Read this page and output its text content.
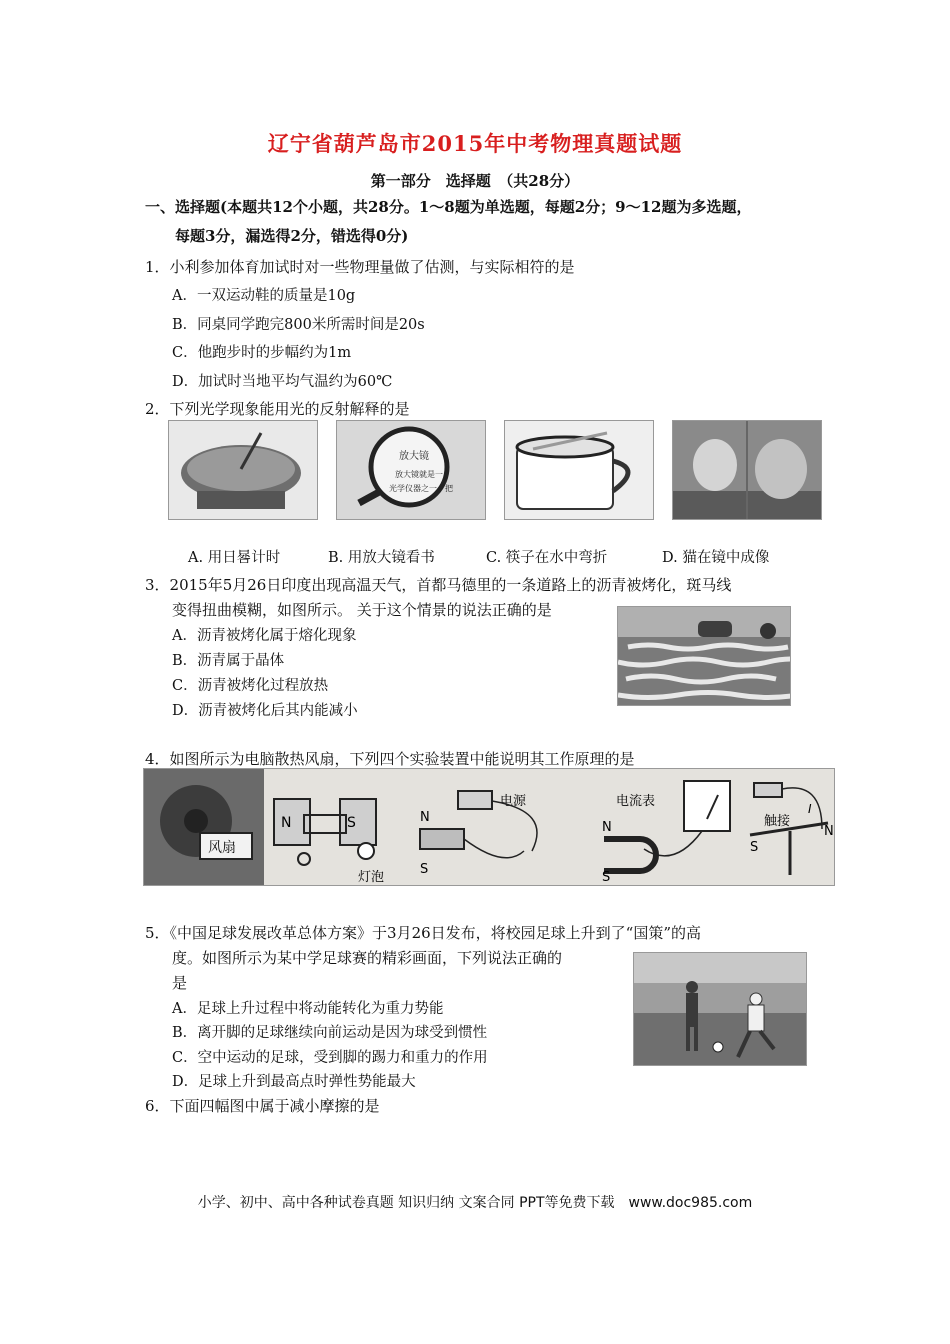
辽宁省葫芦岛市2015年中考物理真题试题
第一部分　选择题　（共28分）
一、选择题(本题共12个小题，共28分。1～8题为单选题，每题2分；9～12题为多选题，
每题3分，漏选得2分，错选得0分)
1．小利参加体育加试时对一些物理量做了估测，与实际相符的是
A．一双运动鞋的质量是10g
B．同桌同学跑完800米所需时间是20s
C．他跑步时的步幅约为1m
D．加试时当地平均气温约为60℃
2．下列光学现象能用光的反射解释的是
放大镜
放大镜就是一
光学仪器之一。把
A. 用日晷计时	B. 用放大镜看书	C. 筷子在水中弯折	D. 猫在镜中成像
3．2015年5月26日印度出现高温天气，首都马德里的一条道路上的沥青被烤化，斑马线
变得扭曲模糊，如图所示。 关于这个情景的说法正确的是
A．沥青被烤化属于熔化现象
B．沥青属于晶体
C．沥青被烤化过程放热
D．沥青被烤化后其内能减小
4．如图所示为电脑散热风扇，下列四个实验装置中能说明其工作原理的是
风扇
N	S
灯泡
N
S
电源	电流表
N
S
触接
I
S
N
5．《中国足球发展改革总体方案》于3月26日发布，将校园足球上升到了“国策”的高
度。如图所示为某中学足球赛的精彩画面，下列说法正确的
是
A．足球上升过程中将动能转化为重力势能
B．离开脚的足球继续向前运动是因为球受到惯性
C．空中运动的足球，受到脚的踢力和重力的作用
D．足球上升到最高点时弹性势能最大
6．下面四幅图中属于减小摩擦的是
小学、初中、高中各种试卷真题 知识归纳 文案合同 PPT等免费下载　www.doc985.com
